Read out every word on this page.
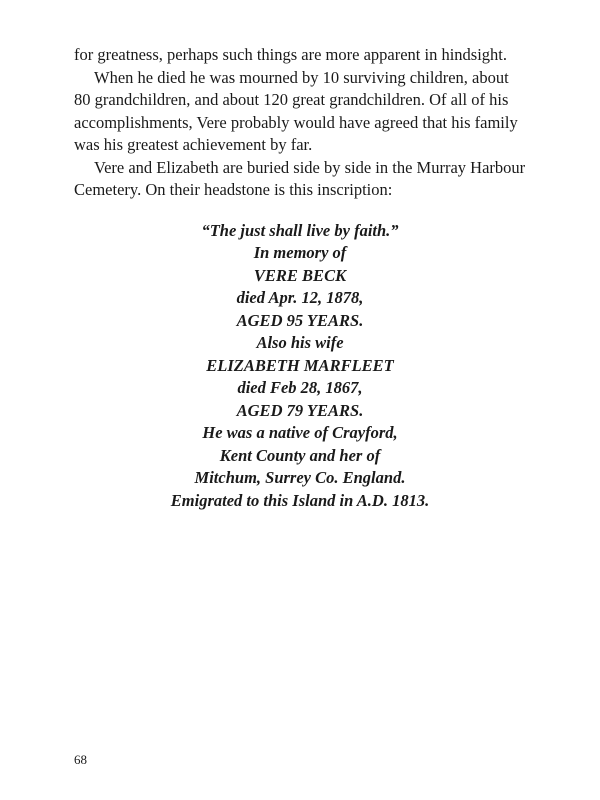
for greatness, perhaps such things are more apparent in hindsight.

When he died he was mourned by 10 surviving children, about 80 grandchildren, and about 120 great grandchildren. Of all of his accomplishments, Vere probably would have agreed that his family was his greatest achievement by far.

Vere and Elizabeth are buried side by side in the Murray Harbour Cemetery. On their headstone is this inscription:

“The just shall live by faith.”
In memory of
VERE BECK
died Apr. 12, 1878,
AGED 95 YEARS.
Also his wife
ELIZABETH MARFLEET
died Feb 28, 1867,
AGED 79 YEARS.
He was a native of Crayford,
Kent County and her of
Mitchum, Surrey Co. England.
Emigrated to this Island in A.D. 1813.
68
